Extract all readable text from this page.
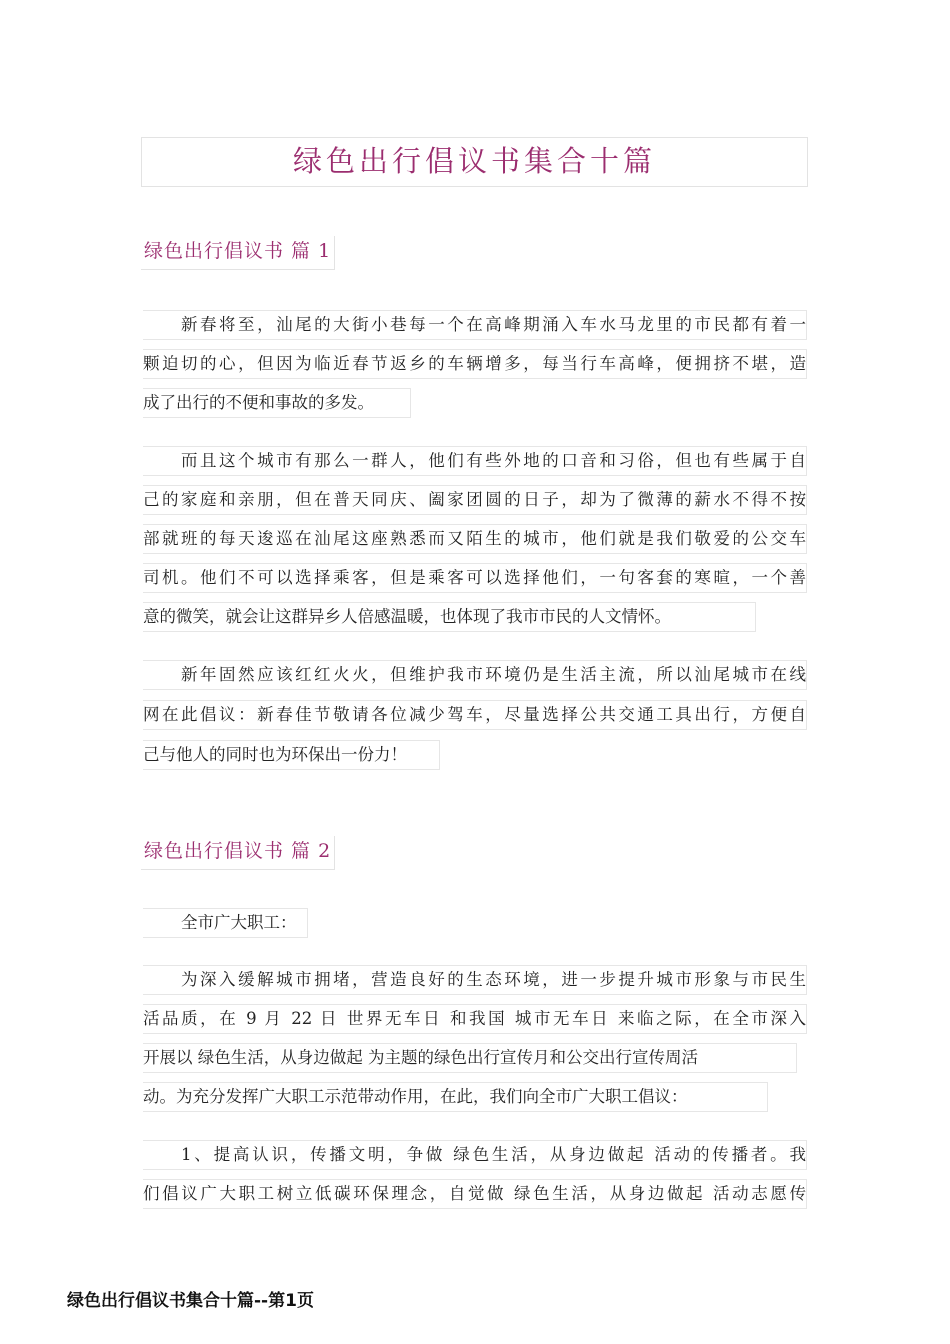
绿色出行倡议书集合十篇
绿色出行倡议书 篇 1
新春将至，汕尾的大街小巷每一个在高峰期涌入车水马龙里的市民都有着一
颗迫切的心，但因为临近春节返乡的车辆增多，每当行车高峰，便拥挤不堪，造
成了出行的不便和事故的多发。
而且这个城市有那么一群人，他们有些外地的口音和习俗，但也有些属于自
己的家庭和亲朋，但在普天同庆、阖家团圆的日子，却为了微薄的薪水不得不按
部就班的每天逡巡在汕尾这座熟悉而又陌生的城市，他们就是我们敬爱的公交车
司机。他们不可以选择乘客，但是乘客可以选择他们，一句客套的寒暄，一个善
意的微笑，就会让这群异乡人倍感温暖，也体现了我市市民的人文情怀。
新年固然应该红红火火，但维护我市环境仍是生活主流，所以汕尾城市在线
网在此倡议：新春佳节敬请各位减少驾车，尽量选择公共交通工具出行，方便自
己与他人的同时也为环保出一份力！
绿色出行倡议书 篇 2
全市广大职工：
为深入缓解城市拥堵，营造良好的生态环境，进一步提升城市形象与市民生
活品质，在 9 月 22 日 世界无车日 和我国 城市无车日 来临之际，在全市深入
开展以 绿色生活，从身边做起 为主题的绿色出行宣传月和公交出行宣传周活
动。为充分发挥广大职工示范带动作用，在此，我们向全市广大职工倡议：
1、提高认识，传播文明，争做 绿色生活，从身边做起 活动的传播者。我
们倡议广大职工树立低碳环保理念，自觉做 绿色生活，从身边做起 活动志愿传
绿色出行倡议书集合十篇--第1页
